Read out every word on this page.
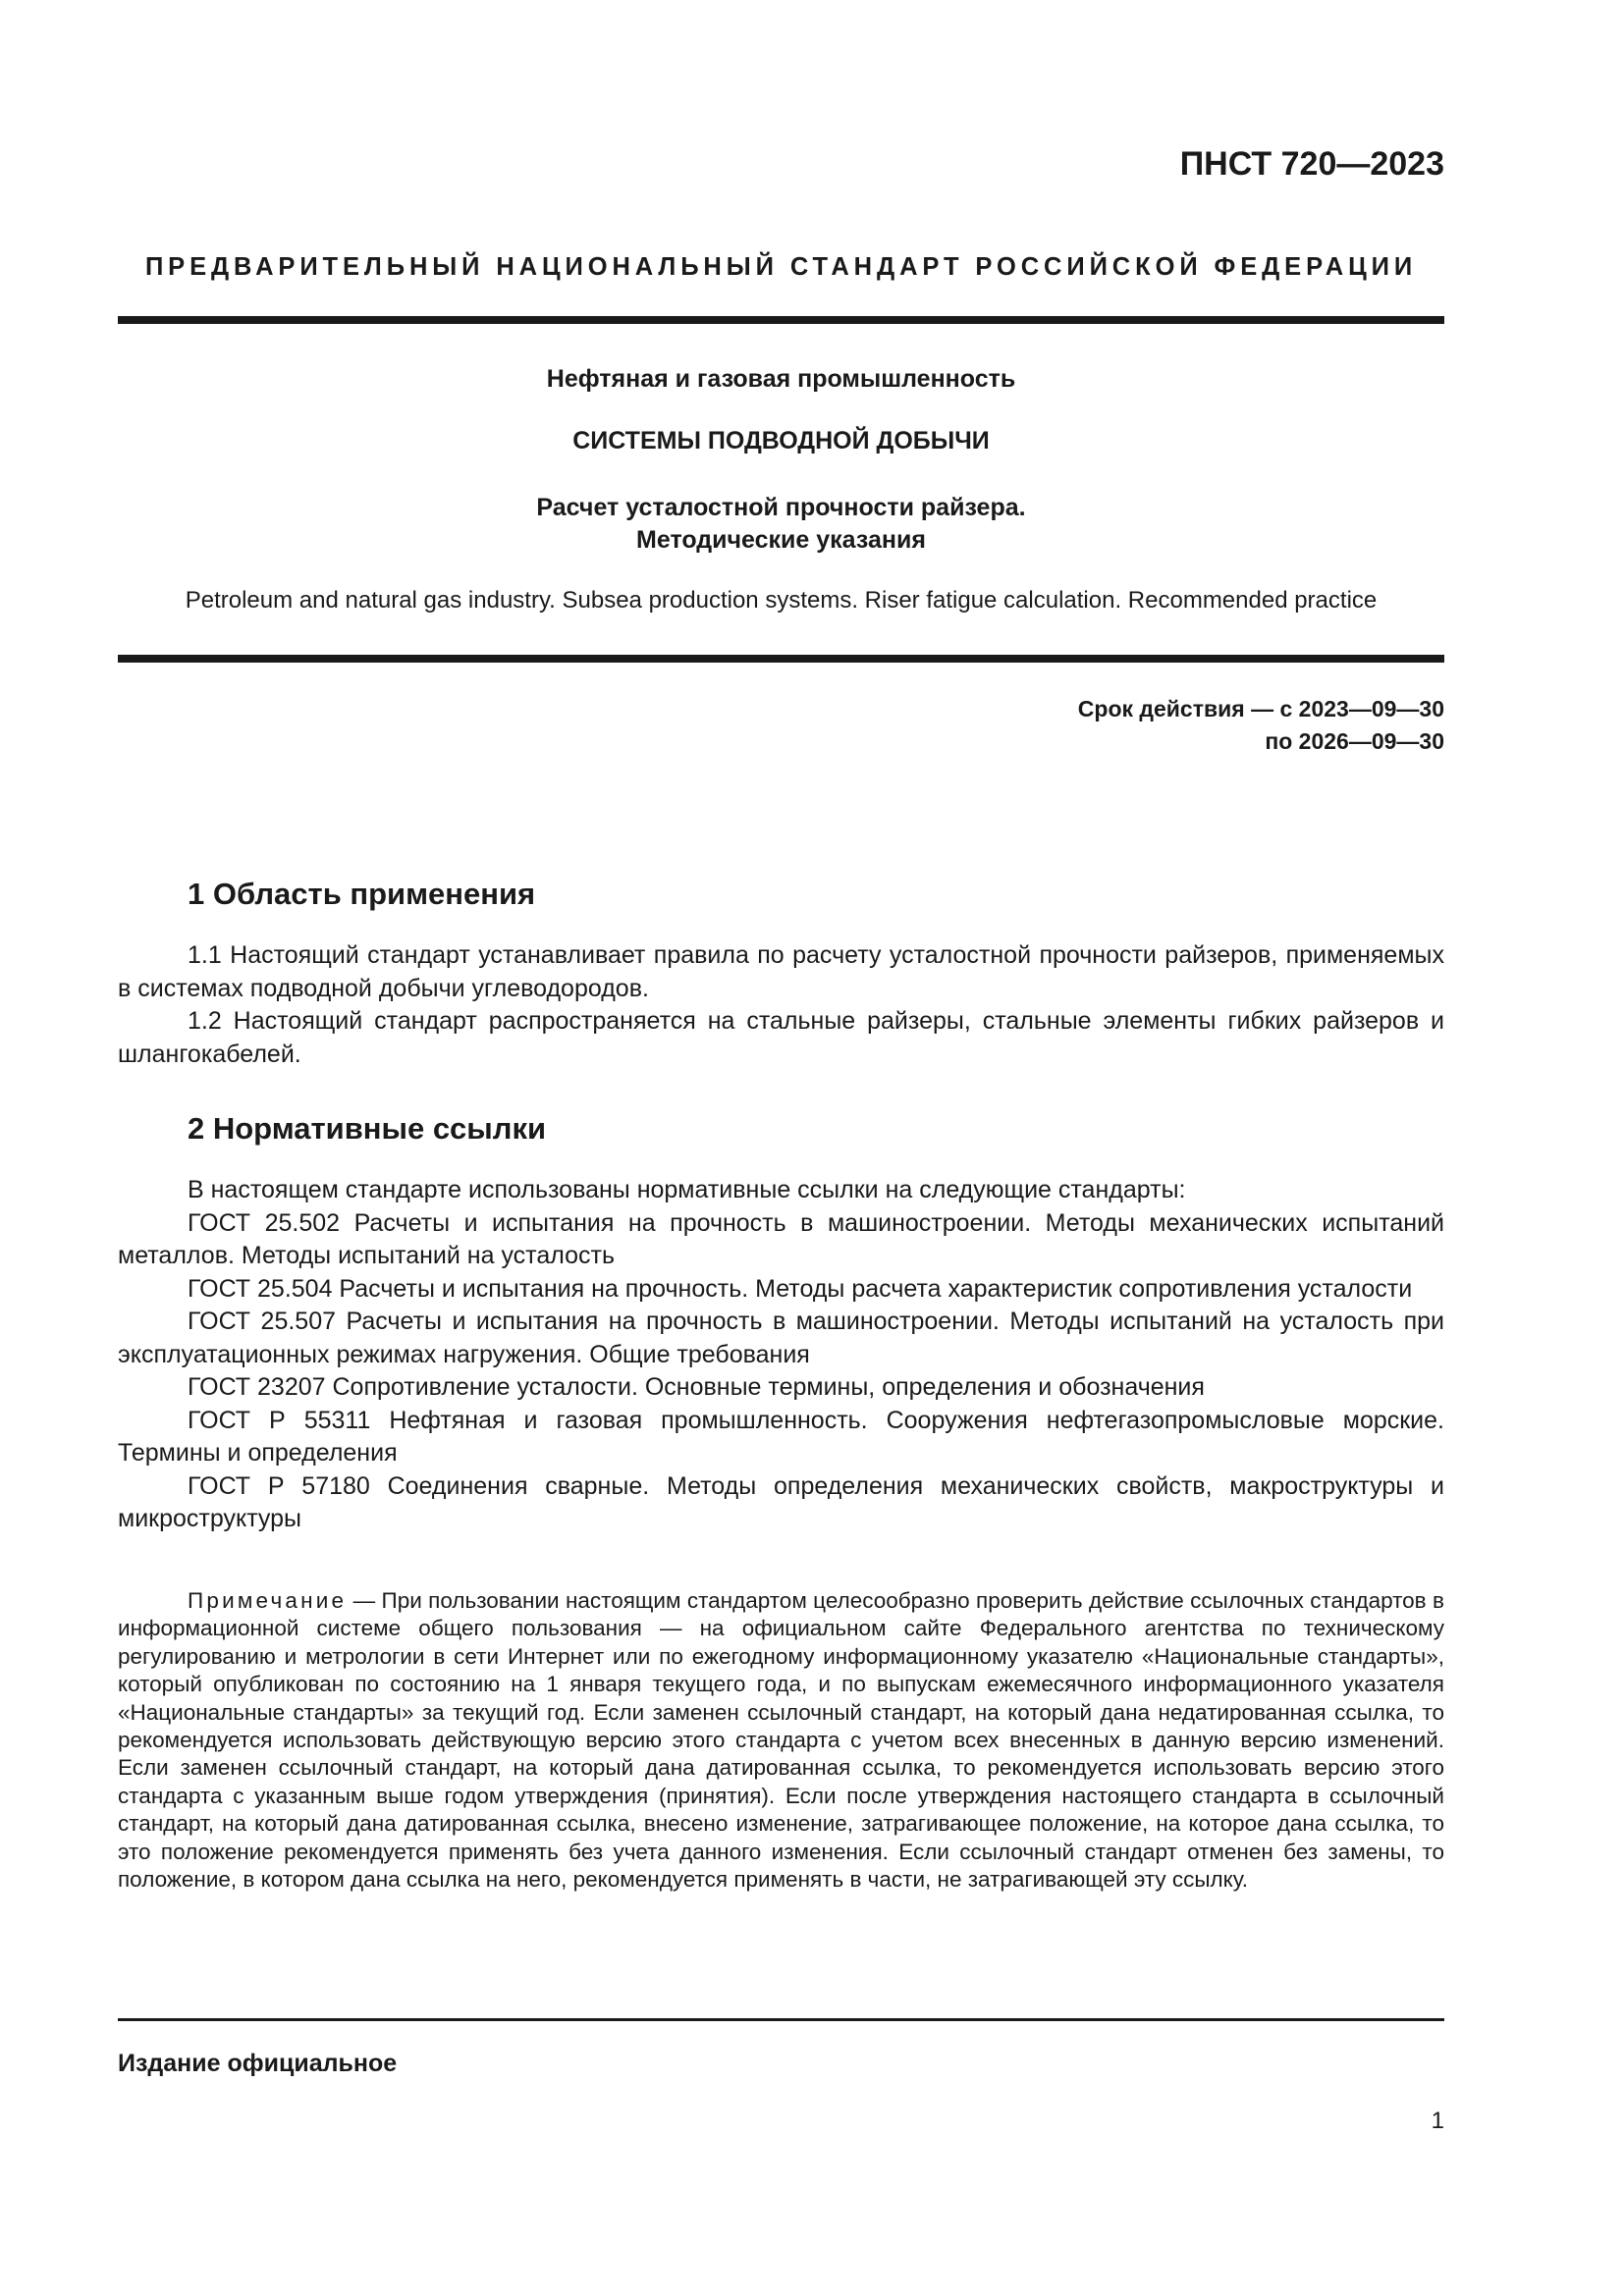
ПНСТ 720—2023
ПРЕДВАРИТЕЛЬНЫЙ НАЦИОНАЛЬНЫЙ СТАНДАРТ РОССИЙСКОЙ ФЕДЕРАЦИИ
Нефтяная и газовая промышленность
СИСТЕМЫ ПОДВОДНОЙ ДОБЫЧИ
Расчет усталостной прочности райзера.
Методические указания
Petroleum and natural gas industry. Subsea production systems. Riser fatigue calculation. Recommended practice
Срок действия — с 2023—09—30
по 2026—09—30
1 Область применения

1.1 Настоящий стандарт устанавливает правила по расчету усталостной прочности райзеров, применяемых в системах подводной добычи углеводородов.

1.2 Настоящий стандарт распространяется на стальные райзеры, стальные элементы гибких райзеров и шлангокабелей.

2 Нормативные ссылки

В настоящем стандарте использованы нормативные ссылки на следующие стандарты:

ГОСТ 25.502 Расчеты и испытания на прочность в машиностроении. Методы механических испытаний металлов. Методы испытаний на усталость

ГОСТ 25.504 Расчеты и испытания на прочность. Методы расчета характеристик сопротивления усталости

ГОСТ 25.507 Расчеты и испытания на прочность в машиностроении. Методы испытаний на усталость при эксплуатационных режимах нагружения. Общие требования

ГОСТ 23207 Сопротивление усталости. Основные термины, определения и обозначения

ГОСТ Р 55311 Нефтяная и газовая промышленность. Сооружения нефтегазопромысловые морские. Термины и определения

ГОСТ Р 57180 Соединения сварные. Методы определения механических свойств, макроструктуры и микроструктуры

Примечание — При пользовании настоящим стандартом целесообразно проверить действие ссылочных стандартов в информационной системе общего пользования — на официальном сайте Федерального агентства по техническому регулированию и метрологии в сети Интернет или по ежегодному информационному указателю «Национальные стандарты», который опубликован по состоянию на 1 января текущего года, и по выпускам ежемесячного информационного указателя «Национальные стандарты» за текущий год. Если заменен ссылочный стандарт, на который дана недатированная ссылка, то рекомендуется использовать действующую версию этого стандарта с учетом всех внесенных в данную версию изменений. Если заменен ссылочный стандарт, на который дана датированная ссылка, то рекомендуется использовать версию этого стандарта с указанным выше годом утверждения (принятия). Если после утверждения настоящего стандарта в ссылочный стандарт, на который дана датированная ссылка, внесено изменение, затрагивающее положение, на которое дана ссылка, то это положение рекомендуется применять без учета данного изменения. Если ссылочный стандарт отменен без замены, то положение, в котором дана ссылка на него, рекомендуется применять в части, не затрагивающей эту ссылку.

Издание официальное
1
